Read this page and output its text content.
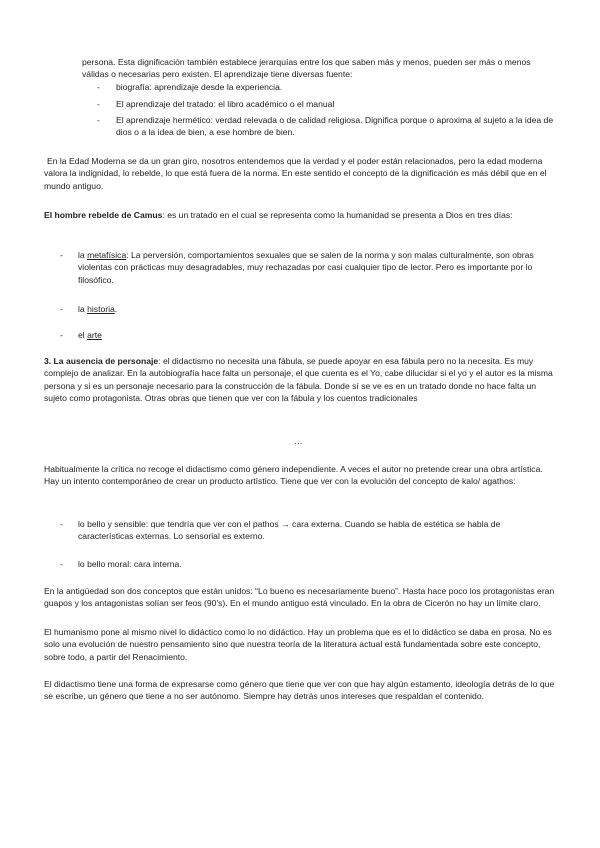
persona. Esta dignificación también establece jerarquías entre los que saben más y menos, pueden ser más o menos válidas o necesarias pero existen. El aprendizaje tiene diversas fuente:

- biografía: aprendizaje desde la experiencia.

- El aprendizaje del tratado: el libro académico o el manual

- El aprendizaje hermético: verdad relevada o de calidad religiosa. Dignifica porque o aproxima al sujeto a la idea de dios o a la idea de bien, a ese hombre de bien.

En la Edad Moderna se da un gran giro, nosotros entendemos que la verdad y el poder están relacionados, pero la edad moderna valora la indignidad, lo rebelde, lo que está fuera de la norma. En este sentido el concepto de la dignificación es más débil que en el mundo antiguo.

El hombre rebelde de Camus: es un tratado en el cual se representa como la humanidad se presenta a Dios en tres días:

- la metafísica: La perversión, comportamientos sexuales que se salen de la norma y son malas culturalmente, son obras violentas con prácticas muy desagradables, muy rechazadas por casi cualquier tipo de lector. Pero es importante por lo filosófico.

- la historia.

- el arte

3. La ausencia de personaje: el didactismo no necesita una fábula, se puede apoyar en esa fábula pero no la necesita. Es muy complejo de analizar. En la autobiografía hace falta un personaje, el que cuenta es el Yo, cabe dilucidar si el yo y el autor es la misma persona y si es un personaje necesario para la construcción de la fábula. Donde sí se ve es en un tratado donde no hace falta un sujeto como protagonista. Otras obras que tienen que ver con la fábula y los cuentos tradicionales

…

Habitualmente la crítica no recoge el didactismo como género independiente. A veces el autor no pretende crear una obra artística. Hay un intento contemporáneo de crear un producto artístico. Tiene que ver con la evolución del concepto de kalo/ agathos:

- lo bello y sensible: que tendría que ver con el pathos → cara externa. Cuando se habla de estética se habla de características externas. Lo sensorial es externo.

- lo bello moral: cara interna.

En la antigüedad son dos conceptos que están unidos: “Lo bueno es necesariamente bueno”. Hasta hace poco los protagonistas eran guapos y los antagonistas solían ser feos (90's). En el mundo antiguo está vinculado. En la obra de Cicerón no hay un límite claro.

El humanismo pone al mismo nivel lo didáctico como lo no didáctico. Hay un problema que es el lo didáctico se daba en prosa. No es solo una evolución de nuestro pensamiento sino que nuestra teoría de la literatura actual está fundamentada sobre este concepto, sobre todo, a partir del Renacimiento.

El didactismo tiene una forma de expresarse como género que tiene que ver con que hay algún estamento, ideología detrás de lo que se escribe, un género que tiene a no ser autónomo. Siempre hay detrás unos intereses que respaldan el contenido.
